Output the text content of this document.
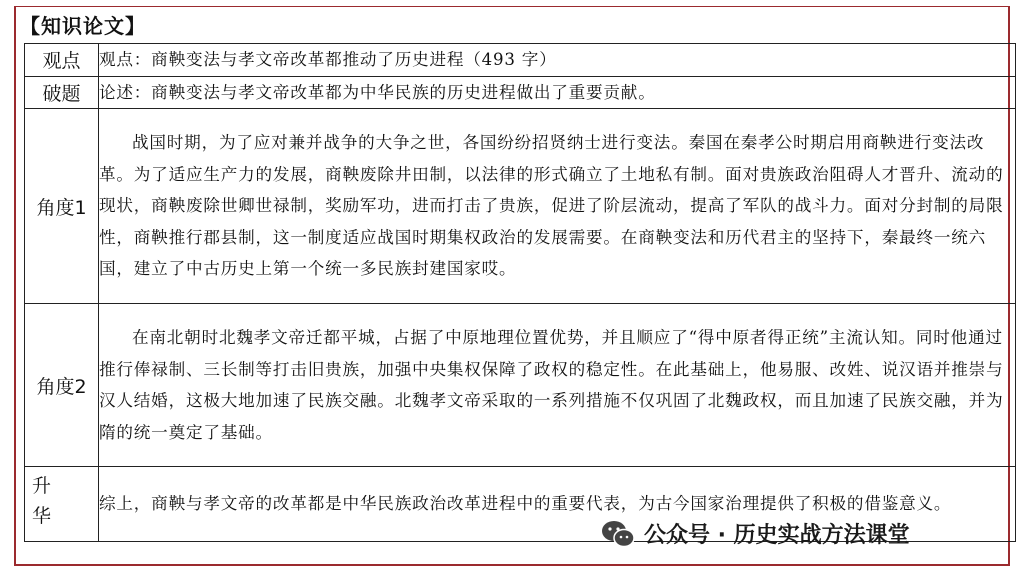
【知识论文】
观点	观点：商鞅变法与孝文帝改革都推动了历史进程（493 字）

破题	论述：商鞅变法与孝文帝改革都为中华民族的历史进程做出了重要贡献。

角度1	战国时期，为了应对兼并战争的大争之世，各国纷纷招贤纳士进行变法。秦国在秦孝公时期启用商鞅进行变法改革。为了适应生产力的发展，商鞅废除井田制，以法律的形式确立了土地私有制。面对贵族政治阻碍人才晋升、流动的现状，商鞅废除世卿世禄制，奖励军功，进而打击了贵族，促进了阶层流动，提高了军队的战斗力。面对分封制的局限性，商鞅推行郡县制，这一制度适应战国时期集权政治的发展需要。在商鞅变法和历代君主的坚持下，秦最终一统六国，建立了中古历史上第一个统一多民族封建国家哎。

角度2	在南北朝时北魏孝文帝迁都平城，占据了中原地理位置优势，并且顺应了“得中原者得正统”主流认知。同时他通过推行俸禄制、三长制等打击旧贵族，加强中央集权保障了政权的稳定性。在此基础上，他易服、改姓、说汉语并推崇与汉人结婚，这极大地加速了民族交融。北魏孝文帝采取的一系列措施不仅巩固了北魏政权，而且加速了民族交融，并为隋的统一奠定了基础。

升华	综上，商鞅与孝文帝的改革都是中华民族政治改革进程中的重要代表，为古今国家治理提供了积极的借鉴意义。

公众号 · 历史实战方法课堂
